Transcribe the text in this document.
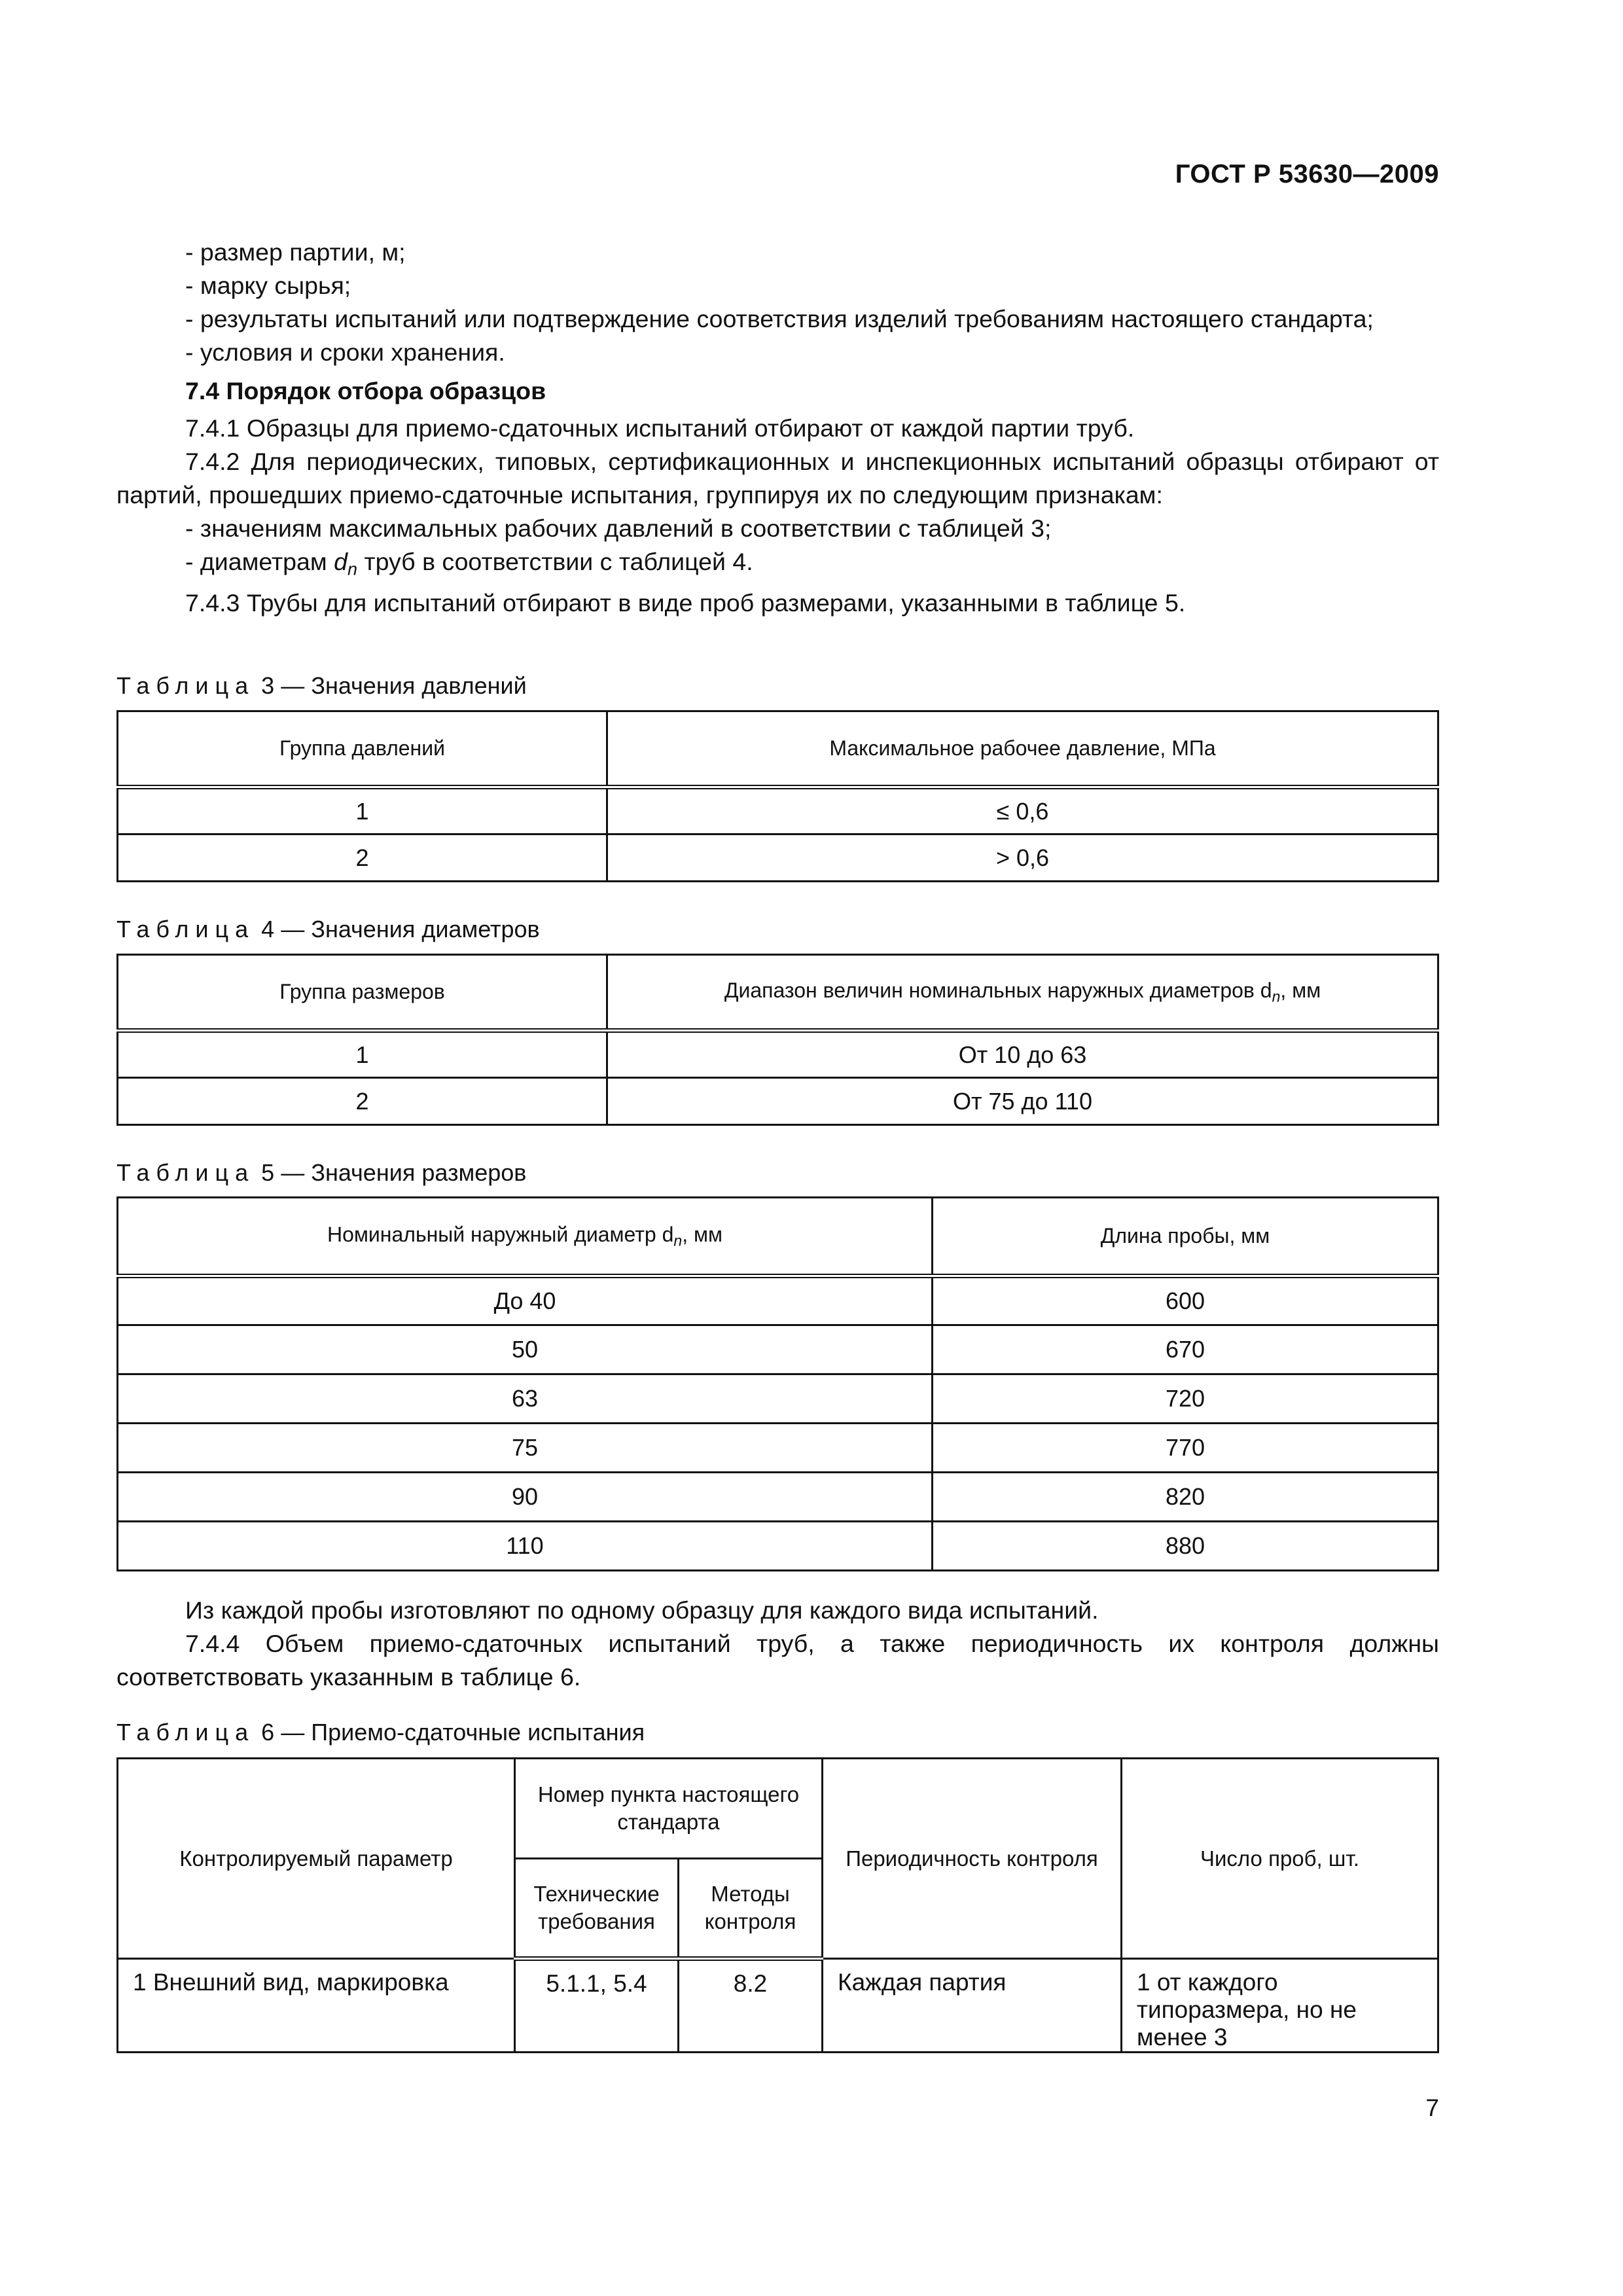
ГОСТ Р 53630—2009

- размер партии, м;

- марку сырья;

- результаты испытаний или подтверждение соответствия изделий требованиям настоящего стандарта;

- условия и сроки хранения.

7.4 Порядок отбора образцов

7.4.1 Образцы для приемо-сдаточных испытаний отбирают от каждой партии труб.

7.4.2 Для периодических, типовых, сертификационных и инспекционных испытаний образцы отбирают от партий, прошедших приемо-сдаточные испытания, группируя их по следующим признакам:

- значениям максимальных рабочих давлений в соответствии с таблицей 3;

- диаметрам $d_n$ труб в соответствии с таблицей 4.

7.4.3 Трубы для испытаний отбирают в виде проб размерами, указанными в таблице 5.

Таблица 3 — Значения давлений
Группа давлений	Максимальное рабочее давление, МПа
1	≤ 0,6
2	> 0,6
Таблица 4 — Значения диаметров
Группа размеров	Диапазон величин номинальных наружных диаметров $d_n$, мм
1	От 10 до 63
2	От 75 до 110
Таблица 5 — Значения размеров
Номинальный наружный диаметр $d_n$, мм	Длина пробы, мм
До 40	600
50	670
63	720
75	770
90	820
110	880

Из каждой пробы изготовляют по одному образцу для каждого вида испытаний.

7.4.4 Объем приемо-сдаточных испытаний труб, а также периодичность их контроля должны соответствовать указанным в таблице 6.

Таблица 6 — Приемо-сдаточные испытания
Контролируемый параметр	Номер пункта настоящего стандарта		Периодичность контроля	Число проб, шт.
	Технические требования	Методы контроля		
1 Внешний вид, маркировка	5.1.1, 5.4	8.2	Каждая партия	1 от каждого типоразмера, но не менее 3
7
